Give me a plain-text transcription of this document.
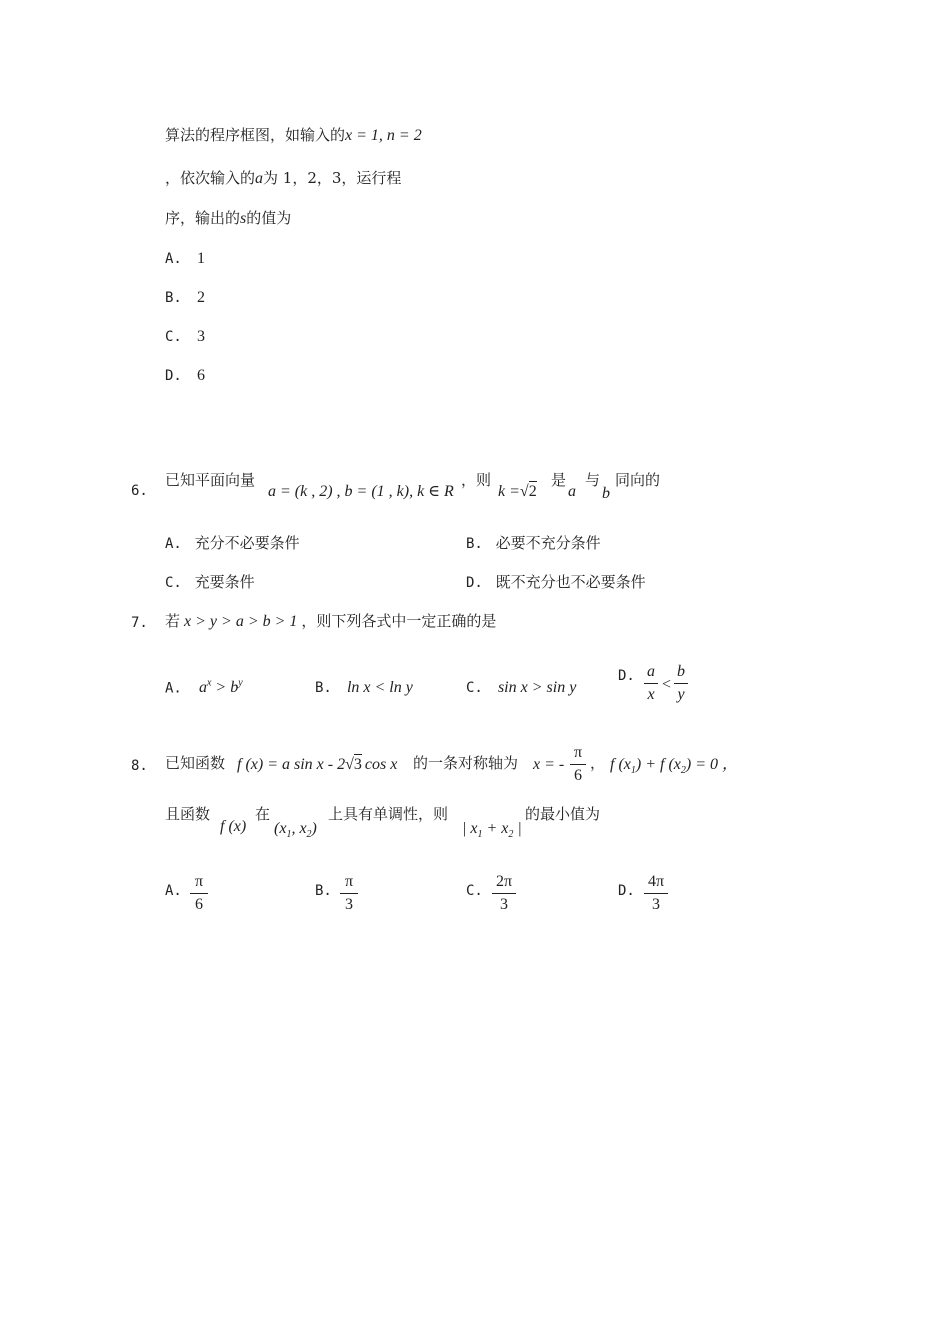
算法的程序框图，如输入的x = 1, n = 2
，依次输入的a为 1，2，3，运行程
序，输出的s的值为
A. 1
B. 2
C. 3
D. 6
6.
已知平面向量
a = (k , 2) , b = (1 , k), k ∈ R
，则
k =√2
是
a
与
b
同向的
A. 充分不必要条件	B. 必要不充分条件
C. 充要条件	D. 既不充分也不必要条件
7. 若 x > y > a > b > 1 ，则下列各式中一定正确的是
A. $a^x > b^y$	B. ln x < ln y	C. sin x > sin y
D. a
x
<
b
y
8. 已知函数 f (x) = a sin x - 2√3 cos x 的一条对称轴为 x = -
π
6
， f $(x_1) + f$ $(x_2) = 0$ ，
且函数
f (x)
在
($x_1$, $x_2$)
上具有单调性，则
| $x_1 + x_2$ |
的最小值为
A.
π
6
B.
π
3
C.
2π
3
D.
4π
3
